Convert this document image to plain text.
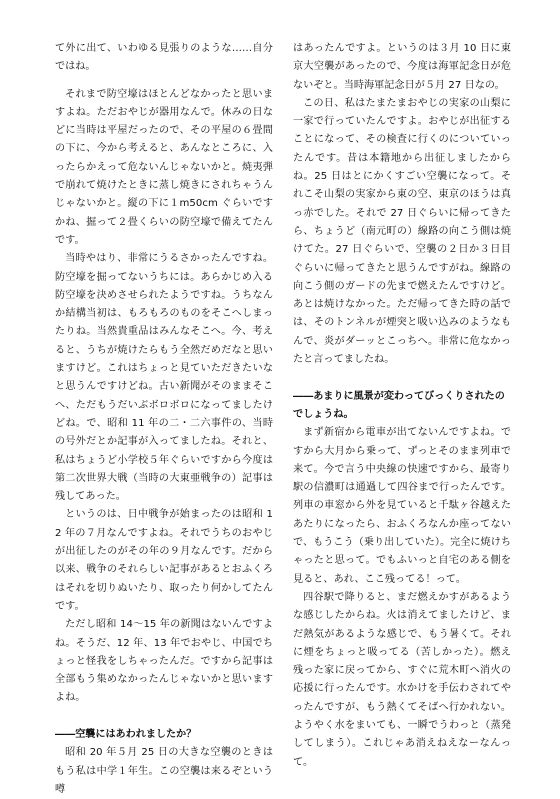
て外に出て、いわゆる見張りのような……自分ではね。

それまで防空壕はほとんどなかったと思いますよね。ただおやじが器用なんで。休みの日などに当時は平屋だったので、その平屋の６畳間の下に、今から考えると、あんなところに、入ったらかえって危ないんじゃないかと。焼夷弾で崩れて焼けたときに蒸し焼きにされちゃうんじゃないかと。縦の下に１m50cm ぐらいですかね、掘って２畳くらいの防空壕で備えてたんです。

当時やはり、非常にうるさかったんですね。防空壕を掘ってないうちには。あらかじめ入る防空壕を決めさせられたようですね。うちなんか結構当初は、もろもろのものをそこへしまったりね。当然貴重品はみんなそこへ。今、考えると、うちが焼けたらもう全然だめだなと思いますけど。これはちょっと見ていただきたいなと思うんですけどね。古い新聞がそのままそこへ、ただもうだいぶボロボロになってましたけどね。で、昭和 11 年の二・二六事件の、当時の号外だとか記事が入ってましたね。それと、私はちょうど小学校５年ぐらいですから今度は第二次世界大戦（当時の大東亜戦争の）記事は残してあった。

というのは、日中戦争が始まったのは昭和 12 年の７月なんですよね。それでうちのおやじが出征したのがその年の９月なんです。だから以来、戦争のそれらしい記事があるとおふくろはそれを切りぬいたり、取ったり何かしてたんです。

ただし昭和 14〜15 年の新聞はないんですよね。そうだ、12 年、13 年でおやじ、中国でちょっと怪我をしちゃったんだ。ですから記事は全部もう集めなかったんじゃないかと思いますよね。

――空襲にはあわれましたか？

昭和 20 年５月 25 日の大きな空襲のときはもう私は中学１年生。この空襲は来るぞという噂

はあったんですよ。というのは３月 10 日に東京大空襲があったので、今度は海軍記念日が危ないぞと。当時海軍記念日が５月 27 日なの。

この日、私はたまたまおやじの実家の山梨に一家で行っていたんですよ。おやじが出征することになって、その検査に行くのについていったんです。昔は本籍地から出征しましたからね。25 日はとにかくすごい空襲になって。それこそ山梨の実家から東の空、東京のほうは真っ赤でした。それで 27 日ぐらいに帰ってきたら、ちょうど（南元町の）線路の向こう側は焼けてた。27 日ぐらいで、空襲の２日か３日目ぐらいに帰ってきたと思うんですがね。線路の向こう側のガードの先まで燃えたんですけど。あとは焼けなかった。ただ帰ってきた時の話では、そのトンネルが煙突と吸い込みのようなもんで、炎がダーッとこっちへ。非常に危なかったと言ってましたね。

――あまりに風景が変わってびっくりされたのでしょうね。

まず新宿から電車が出てないんですよね。ですから大月から乗って、ずっとそのまま列車で来て。今で言う中央線の快速ですから、最寄り駅の信濃町は通過して四谷まで行ったんです。列車の車窓から外を見ていると千駄ヶ谷越えたあたりになったら、おふくろなんか座ってないで、もうこう（乗り出していた）。完全に焼けちゃったと思って。でもふいっと自宅のある側を見ると、あれ、ここ残ってる！って。

四谷駅で降りると、まだ燃えかすがあるような感じしたからね。火は消えてましたけど、まだ熱気があるような感じで、もう暑くて。それに煙をちょっと吸ってる（苦しかった）。燃え残った家に戻ってから、すぐに荒木町へ消火の応援に行ったんです。水かけを手伝わされてやったんですが、もう熱くてそばへ行かれない。ようやく水をまいても、一瞬でうわっと（蒸発してしまう）。これじゃあ消えねえなーなんって。
